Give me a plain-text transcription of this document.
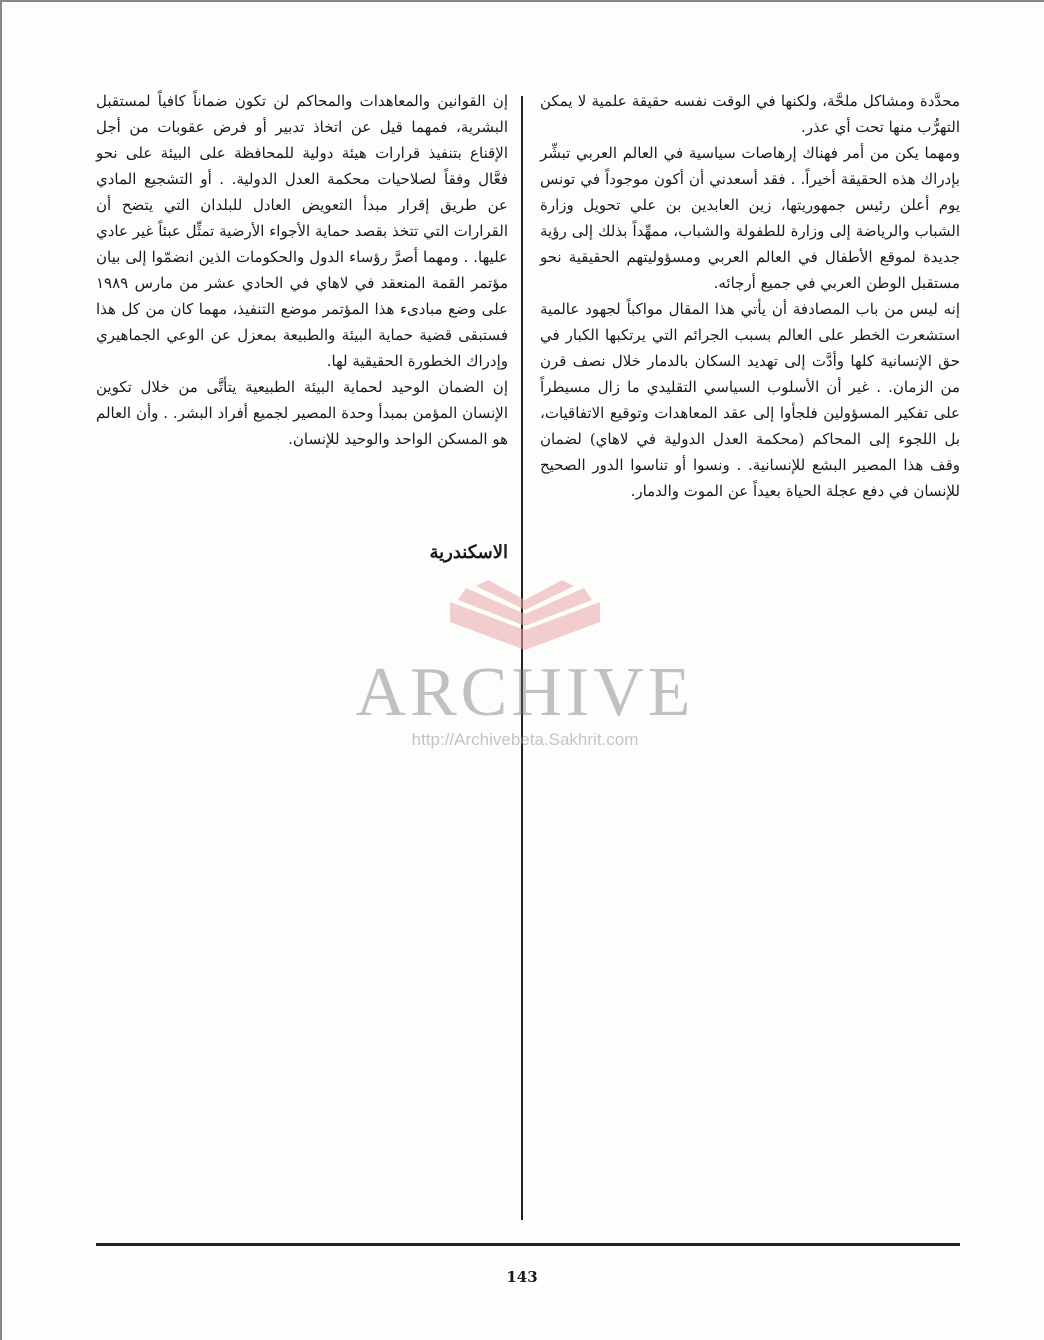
محدَّدة ومشاكل ملحَّة، ولكنها في الوقت نفسه حقيقة علمية لا يمكن التهرُّب منها تحت أي عذر.
ومهما يكن من أمر فهناك إرهاصات سياسية في العالم العربي تبشِّر بإدراك هذه الحقيقة أخيراً. . فقد أسعدني أن أكون موجوداً في تونس يوم أعلن رئيس جمهوريتها، زين العابدين بن علي تحويل وزارة الشباب والرياضة إلى وزارة للطفولة والشباب، ممهِّداً بذلك إلى رؤية جديدة لموقع الأطفال في العالم العربي ومسؤوليتهم الحقيقية نحو مستقبل الوطن العربي في جميع أرجائه.
إنه ليس من باب المصادفة أن يأتي هذا المقال مواكباً لجهود عالمية استشعرت الخطر على العالم بسبب الجرائم التي يرتكبها الكبار في حق الإنسانية كلها وأدَّت إلى تهديد السكان بالدمار خلال نصف قرن من الزمان. . غير أن الأسلوب السياسي التقليدي ما زال مسيطراً على تفكير المسؤولين فلجأوا إلى عقد المعاهدات وتوقيع الاتفاقيات، بل اللجوء إلى المحاكم (محكمة العدل الدولية في لاهاي) لضمان وقف هذا المصير البشع للإنسانية. . ونسوا أو تناسوا الدور الصحيح للإنسان في دفع عجلة الحياة بعيداً عن الموت والدمار.
إن القوانين والمعاهدات والمحاكم لن تكون ضماناً كافياً لمستقبل البشرية، فمهما قيل عن اتخاذ تدبير أو فرض عقوبات من أجل الإقناع بتنفيذ قرارات هيئة دولية للمحافظة على البيئة على نحو فعَّال وفقاً لصلاحيات محكمة العدل الدولية. . أو التشجيع المادي عن طريق إقرار مبدأ التعويض العادل للبلدان التي يتضح أن القرارات التي تتخذ بقصد حماية الأجواء الأرضية تمثِّل عبئاً غير عادي عليها. . ومهما أصرَّ رؤساء الدول والحكومات الذين انضمّوا إلى بيان مؤتمر القمة المنعقد في لاهاي في الحادي عشر من مارس ١٩٨٩ على وضع مبادىء هذا المؤتمر موضع التنفيذ، مهما كان من كل هذا فستبقى قضية حماية البيئة والطبيعة بمعزل عن الوعي الجماهيري وإدراك الخطورة الحقيقية لها.
إن الضمان الوحيد لحماية البيئة الطبيعية يتأتَّى من خلال تكوين الإنسان المؤمن بمبدأ وحدة المصير لجميع أفراد البشر. . وأن العالم هو المسكن الواحد والوحيد للإنسان.
الاسكندرية
ARCHIVE
http://Archivebeta.Sakhrit.com
143
